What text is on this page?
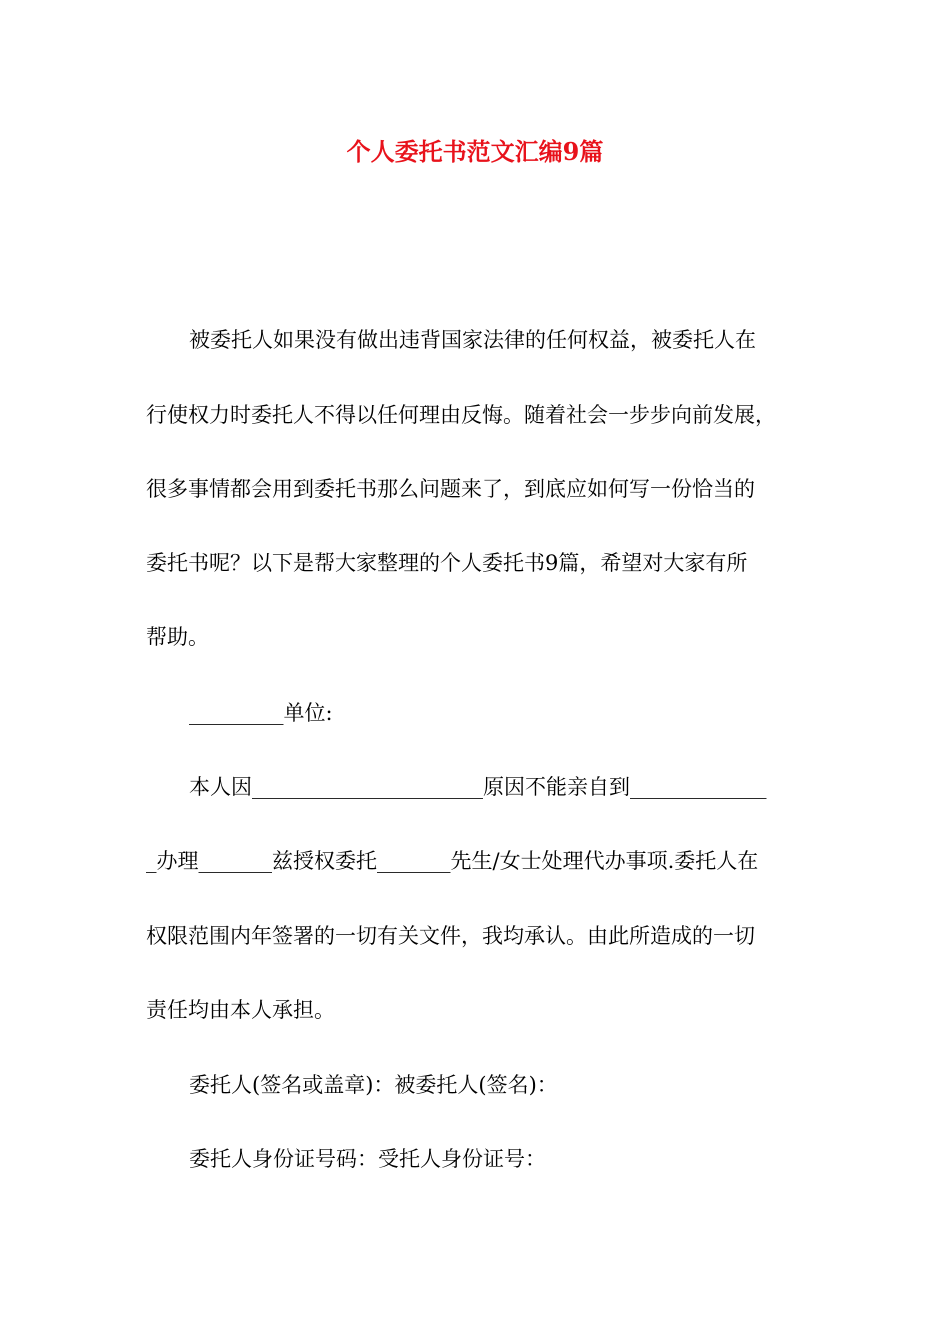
个人委托书范文汇编9篇
被委托人如果没有做出违背国家法律的任何权益，被委托人在
行使权力时委托人不得以任何理由反悔。随着社会一步步向前发展，
很多事情都会用到委托书那么问题来了，到底应如何写一份恰当的
委托书呢？以下是帮大家整理的个人委托书9篇，希望对大家有所
帮助。
_________单位:
本人因______________________原因不能亲自到_____________
_办理_______兹授权委托_______先生/女士处理代办事项.委托人在
权限范围内年签署的一切有关文件，我均承认。由此所造成的一切
责任均由本人承担。
委托人(签名或盖章)：被委托人(签名)：
委托人身份证号码：受托人身份证号：
